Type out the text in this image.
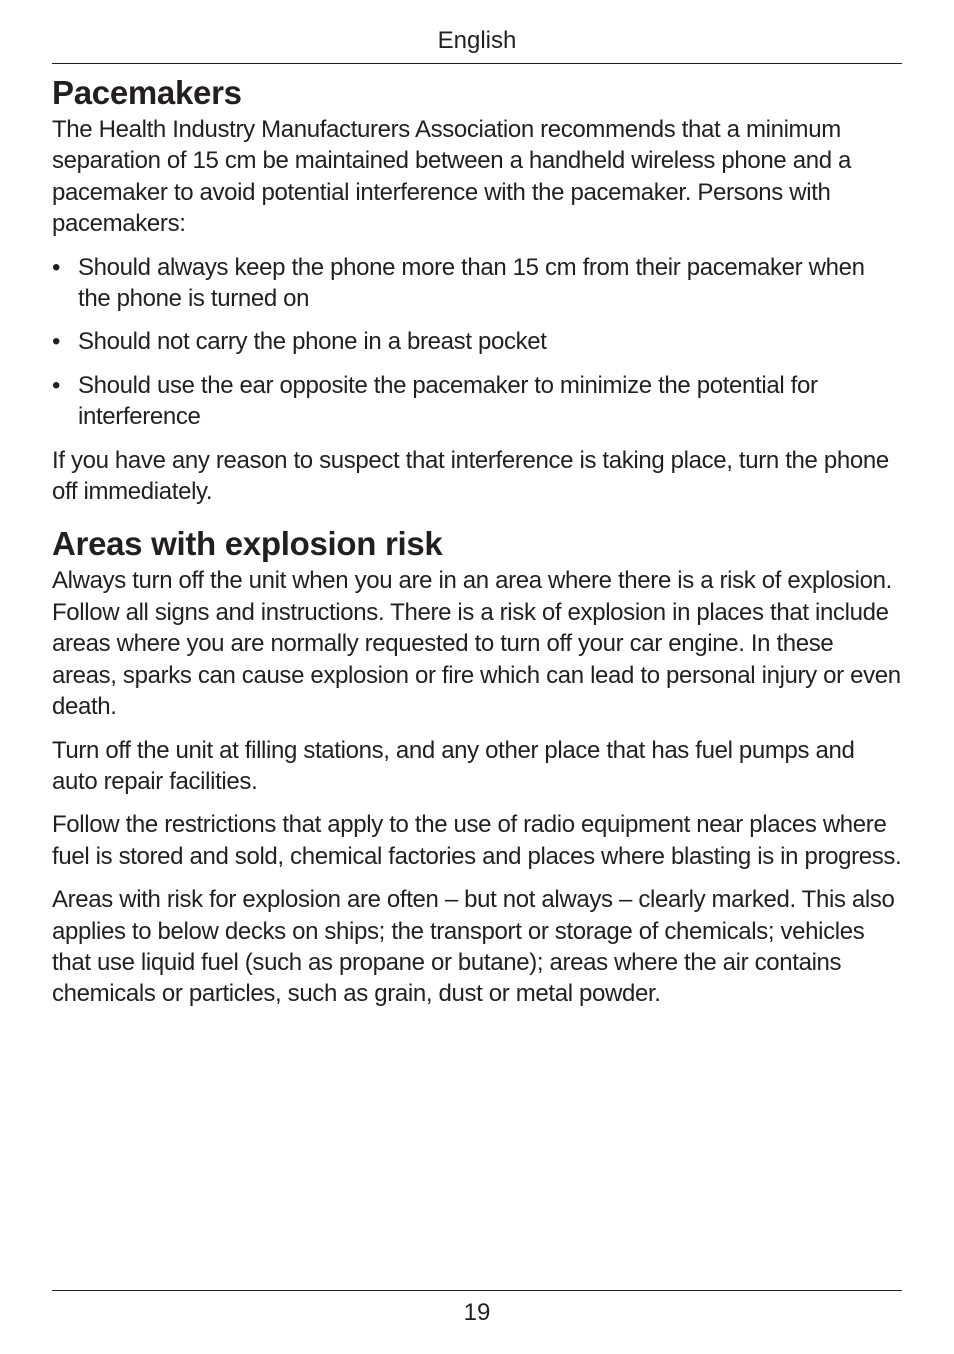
English
Pacemakers

The Health Industry Manufacturers Association recommends that a minimum separation of 15 cm be maintained between a handheld wireless phone and a pacemaker to avoid potential interference with the pacemaker. Persons with pacemakers:

• Should always keep the phone more than 15 cm from their pacemaker when the phone is turned on
• Should not carry the phone in a breast pocket
• Should use the ear opposite the pacemaker to minimize the potential for interference

If you have any reason to suspect that interference is taking place, turn the phone off immediately.

Areas with explosion risk

Always turn off the unit when you are in an area where there is a risk of explosion. Follow all signs and instructions. There is a risk of explosion in places that include areas where you are normally requested to turn off your car engine. In these areas, sparks can cause explosion or fire which can lead to personal injury or even death.

Turn off the unit at filling stations, and any other place that has fuel pumps and auto repair facilities.

Follow the restrictions that apply to the use of radio equipment near places where fuel is stored and sold, chemical factories and places where blasting is in progress.

Areas with risk for explosion are often – but not always – clearly marked. This also applies to below decks on ships; the transport or storage of chemicals; vehicles that use liquid fuel (such as propane or butane); areas where the air contains chemicals or particles, such as grain, dust or metal powder.

19
